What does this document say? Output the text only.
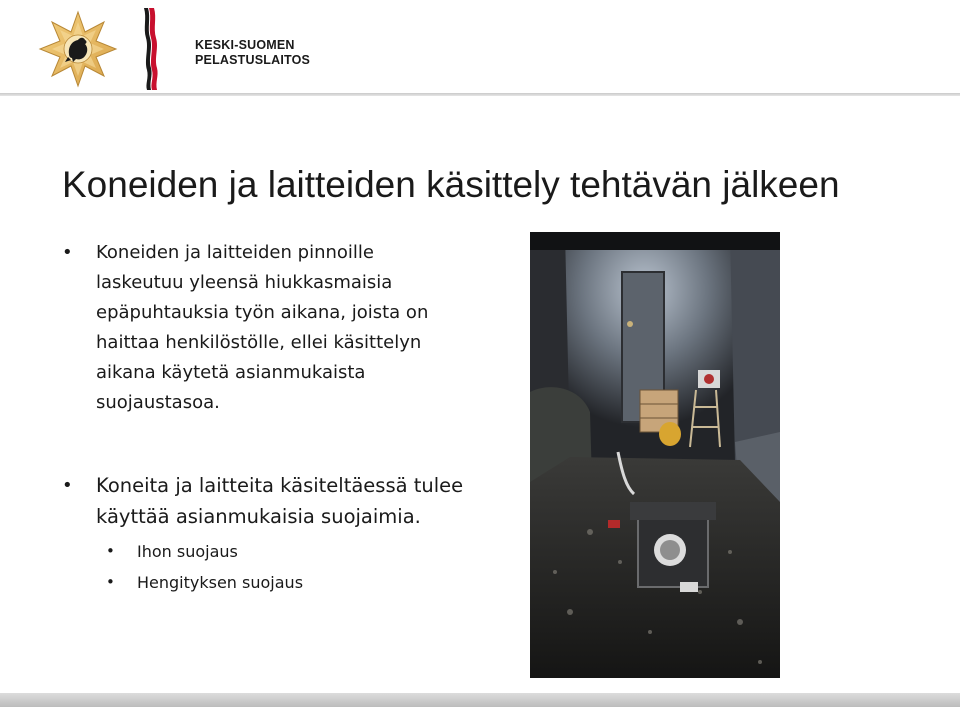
KESKI-SUOMEN
PELASTUSLAITOS
Koneiden ja laitteiden käsittely tehtävän jälkeen
• Koneiden ja laitteiden pinnoille laskeutuu yleensä hiukkasmaisia epäpuhtauksia työn aikana, joista on haittaa henkilöstölle, ellei käsittelyn aikana käytetä asianmukaista suojaustasoa.
• Koneita ja laitteita käsiteltäessä tulee käyttää asianmukaisia suojaimia.
• Ihon suojaus
• Hengityksen suojaus
